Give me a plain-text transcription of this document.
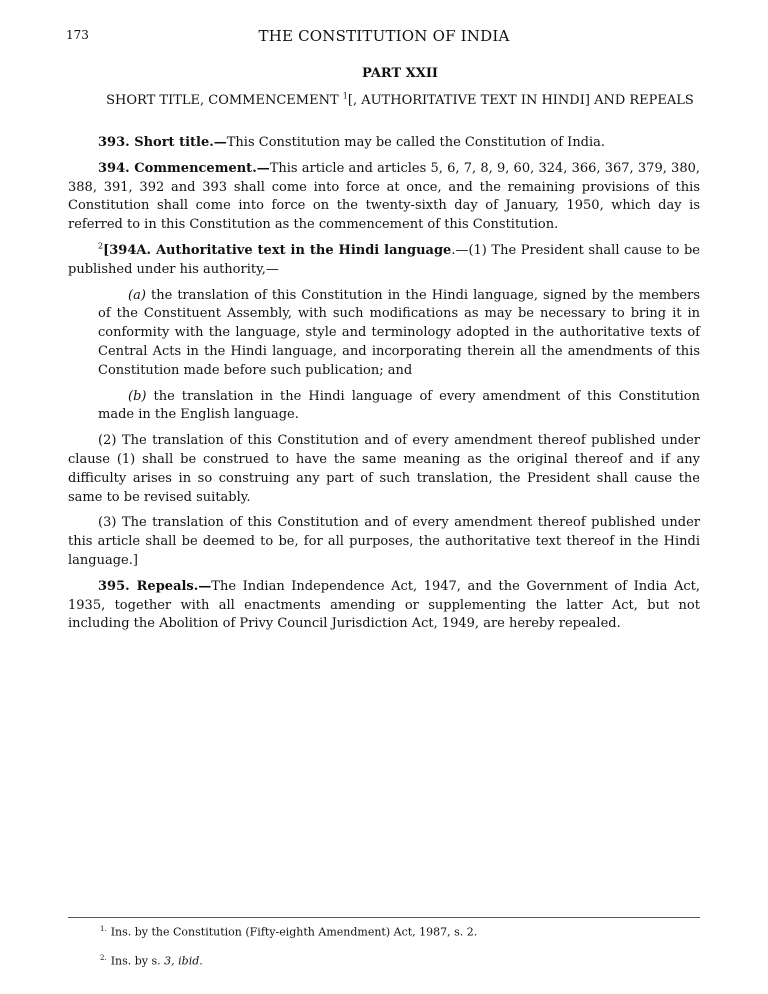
173	THE CONSTITUTION OF INDIA
PART XXII
SHORT TITLE, COMMENCEMENT $^1$[, AUTHORITATIVE TEXT IN HINDI] AND REPEALS

393. Short title.—This Constitution may be called the Constitution of India.

394. Commencement.—This article and articles 5, 6, 7, 8, 9, 60, 324, 366, 367, 379, 380, 388, 391, 392 and 393 shall come into force at once, and the remaining provisions of this Constitution shall come into force on the twenty-sixth day of January, 1950, which day is referred to in this Constitution as the commencement of this Constitution.

$^2$[394A. Authoritative text in the Hindi language.—(1) The President shall cause to be published under his authority,—

(a) the translation of this Constitution in the Hindi language, signed by the members of the Constituent Assembly, with such modifications as may be necessary to bring it in conformity with the language, style and terminology adopted in the authoritative texts of Central Acts in the Hindi language, and incorporating therein all the amendments of this Constitution made before such publication; and

(b) the translation in the Hindi language of every amendment of this Constitution made in the English language.

(2) The translation of this Constitution and of every amendment thereof published under clause (1) shall be construed to have the same meaning as the original thereof and if any difficulty arises in so construing any part of such translation, the President shall cause the same to be revised suitably.

(3) The translation of this Constitution and of every amendment thereof published under this article shall be deemed to be, for all purposes, the authoritative text thereof in the Hindi language.]

395. Repeals.—The Indian Independence Act, 1947, and the Government of India Act, 1935, together with all enactments amending or supplementing the latter Act, but not including the Abolition of Privy Council Jurisdiction Act, 1949, are hereby repealed.

$^{1.}$ Ins. by the Constitution (Fifty-eighth Amendment) Act, 1987, s. 2.
$^{2.}$ Ins. by s. 3, ibid.
